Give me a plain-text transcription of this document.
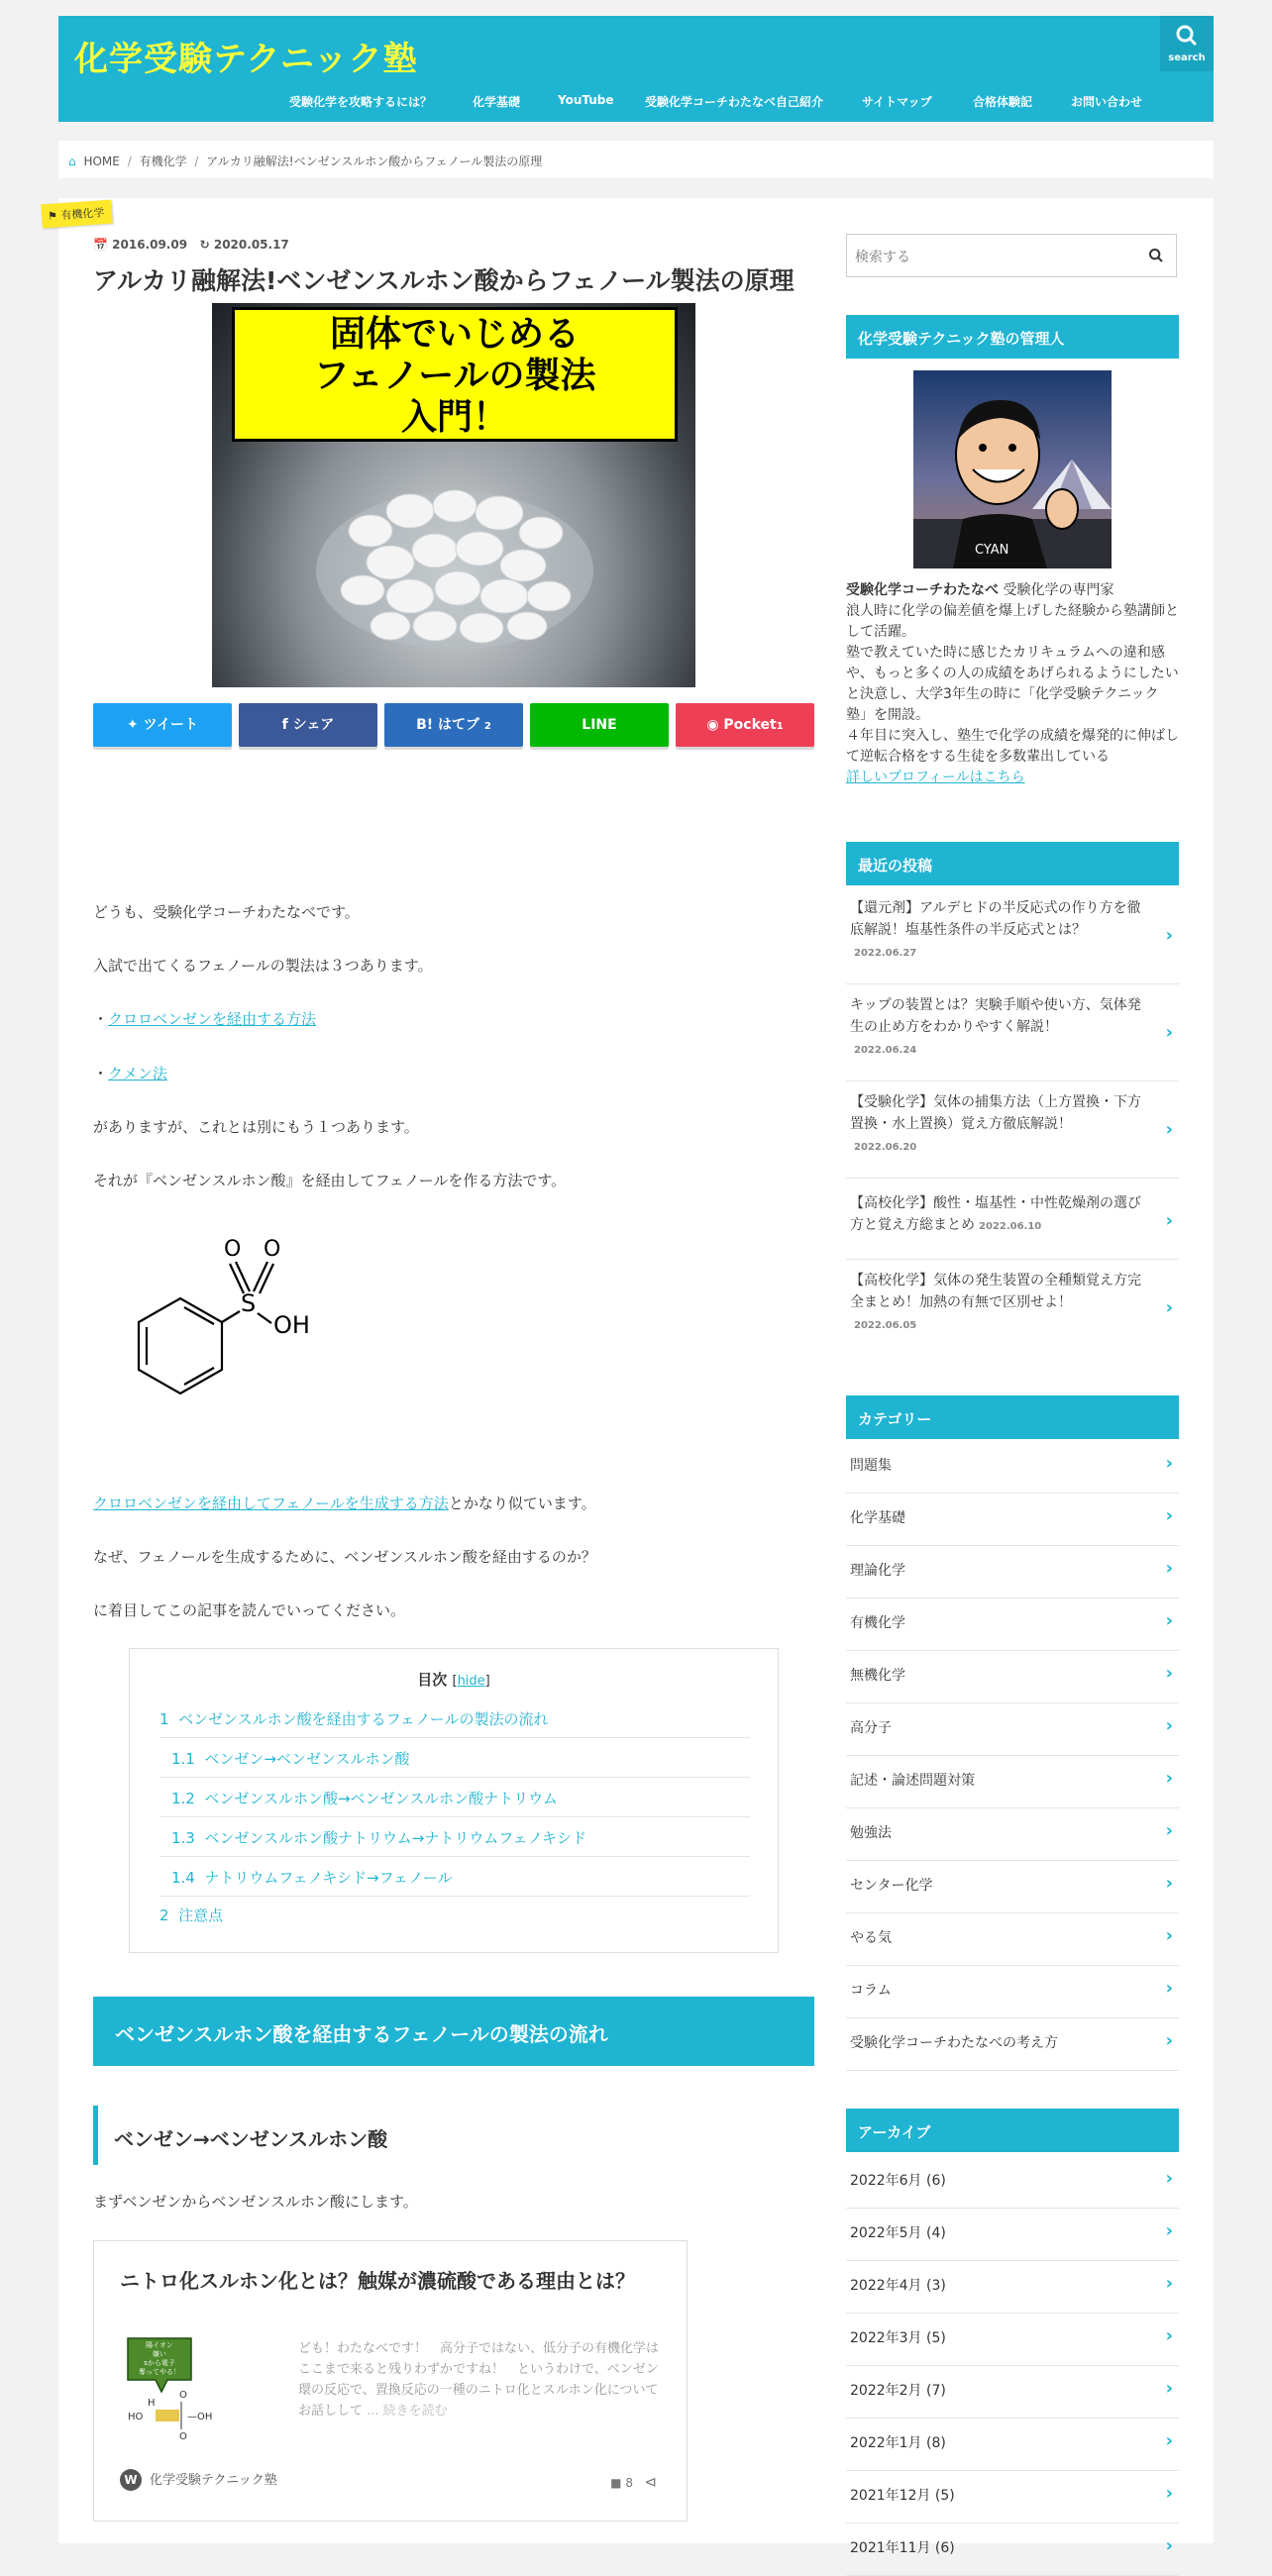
化学受験テクニック塾	search
受験化学を攻略するには？	化学基礎	YouTube	受験化学コーチわたなべ自己紹介	サイトマップ	合格体験記	お問い合わせ
⌂ HOME / 有機化学 / アルカリ融解法!ベンゼンスルホン酸からフェノール製法の原理
⚑ 有機化学
📅 2016.09.09 ↻ 2020.05.17
アルカリ融解法!ベンゼンスルホン酸からフェノール製法の原理
固体でいじめる
フェノールの製法
入門！
✦ ツイート	f シェア	B! はてブ 2	LINE	◉ Pocket1

どうも、受験化学コーチわたなべです。

入試で出てくるフェノールの製法は３つあります。

・クロロベンゼンを経由する方法

・クメン法

がありますが、これとは別にもう１つあります。

それが『ベンゼンスルホン酸』を経由してフェノールを作る方法です。

O O
S
OH

クロロベンゼンを経由してフェノールを生成する方法とかなり似ています。

なぜ、フェノールを生成するために、ベンゼンスルホン酸を経由するのか？

に着目してこの記事を読んでいってください。

目次 [hide]
1 ベンゼンスルホン酸を経由するフェノールの製法の流れ
1.1 ベンゼン→ベンゼンスルホン酸
1.2 ベンゼンスルホン酸→ベンゼンスルホン酸ナトリウム
1.3 ベンゼンスルホン酸ナトリウム→ナトリウムフェノキシド
1.4 ナトリウムフェノキシド→フェノール
2 注意点
ベンゼンスルホン酸を経由するフェノールの製法の流れ
ベンゼン→ベンゼンスルホン酸

まずベンゼンからベンゼンスルホン酸にします。

ニトロ化スルホン化とは？触媒が濃硫酸である理由とは？
陽イオン
嫌い
sから電子
奪ってやる！
H
O
HO	—OH
O
ども！わたなべです！　高分子ではない、低分子の有機化学はここまで来ると残りわずかですね！　というわけで、ベンゼン環の反応で、置換反応の一種のニトロ化とスルホン化についてお話しして ... 続きを読む
W 化学受験テクニック塾	■ 8 ⊲
検索する
化学受験テクニック塾の管理人
CYAN
受験化学コーチわたなべ 受験化学の専門家
浪人時に化学の偏差値を爆上げした経験から塾講師として活躍。
塾で教えていた時に感じたカリキュラムへの違和感や、もっと多くの人の成績をあげられるようにしたいと決意し、大学3年生の時に「化学受験テクニック塾」を開設。
４年目に突入し、塾生で化学の成績を爆発的に伸ばして逆転合格をする生徒を多数輩出している
詳しいプロフィールはこちら
最近の投稿
【還元剤】アルデヒドの半反応式の作り方を徹底解説！塩基性条件の半反応式とは？
2022.06.27
›
キップの装置とは？実験手順や使い方、気体発生の止め方をわかりやすく解説！
2022.06.24
›
【受験化学】気体の捕集方法（上方置換・下方置換・水上置換）覚え方徹底解説！
2022.06.20
›
【高校化学】酸性・塩基性・中性乾燥剤の選び方と覚え方総まとめ 2022.06.10	›
【高校化学】気体の発生装置の全種類覚え方完全まとめ！加熱の有無で区別せよ！
2022.06.05
›
カテゴリー
問題集	›
化学基礎	›
理論化学	›
有機化学	›
無機化学	›
高分子	›
記述・論述問題対策	›
勉強法	›
センター化学	›
やる気	›
コラム	›
受験化学コーチわたなべの考え方	›
アーカイブ
2022年6月 (6)	›
2022年5月 (4)	›
2022年4月 (3)	›
2022年3月 (5)	›
2022年2月 (7)	›
2022年1月 (8)	›
2021年12月 (5)	›
2021年11月 (6)	›
